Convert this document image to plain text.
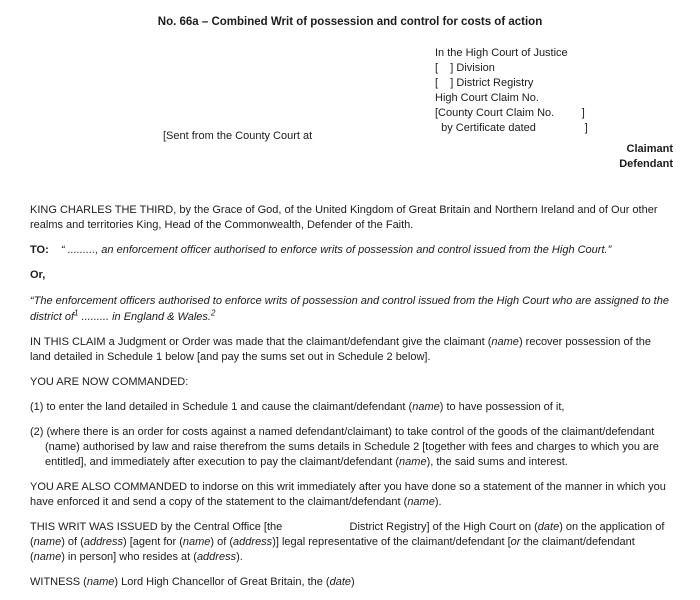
No. 66a – Combined Writ of possession and control for costs of action
[Sent from the County Court at
In the High Court of Justice
[    ] Division
[    ] District Registry
High Court Claim No.
[County Court Claim No.         ]
by Certificate dated                ]
Claimant
Defendant

KING CHARLES THE THIRD, by the Grace of God, of the United Kingdom of Great Britain and Northern Ireland and of Our other realms and territories King, Head of the Commonwealth, Defender of the Faith.

TO:    “ ........., an enforcement officer authorised to enforce writs of possession and control issued from the High Court.”

Or,

“The enforcement officers authorised to enforce writs of possession and control issued from the High Court who are assigned to the district $of^1$ ......... in England & Wales.$^2$

IN THIS CLAIM a Judgment or Order was made that the claimant/defendant give the claimant (name) recover possession of the land detailed in Schedule 1 below [and pay the sums set out in Schedule 2 below].

YOU ARE NOW COMMANDED:

(1) to enter the land detailed in Schedule 1 and cause the claimant/defendant (name) to have possession of it,

(2) (where there is an order for costs against a named defendant/claimant) to take control of the goods of the claimant/defendant (name) authorised by law and raise therefrom the sums details in Schedule 2 [together with fees and charges to which you are entitled], and immediately after execution to pay the claimant/defendant (name), the said sums and interest.

YOU ARE ALSO COMMANDED to indorse on this writ immediately after you have done so a statement of the manner in which you have enforced it and send a copy of the statement to the claimant/defendant (name).

THIS WRIT WAS ISSUED by the Central Office [the                      District Registry] of the High Court on (date) on the application of (name) of (address) [agent for (name) of (address)] legal representative of the claimant/defendant [or the claimant/defendant (name) in person] who resides at (address).

WITNESS (name) Lord High Chancellor of Great Britain, the (date)
